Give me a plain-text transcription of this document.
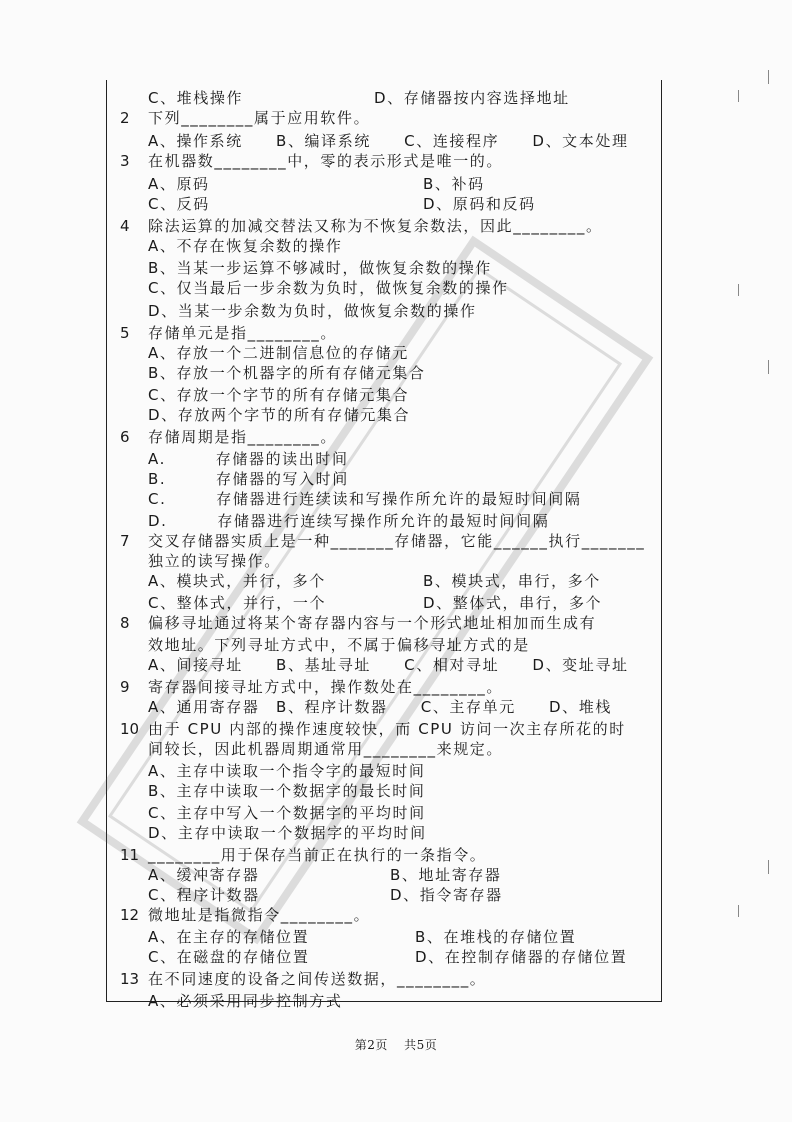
C、堆栈操作	D、存储器按内容选择地址
2 下列________属于应用软件。
A、操作系统　　B、编译系统　　C、连接程序　　D、文本处理
3 在机器数________中，零的表示形式是唯一的。
A、原码	B、补码
C、反码	D、原码和反码
4 除法运算的加减交替法又称为不恢复余数法，因此________。
A、不存在恢复余数的操作
B、当某一步运算不够减时，做恢复余数的操作
C、仅当最后一步余数为负时，做恢复余数的操作
D、当某一步余数为负时，做恢复余数的操作
5 存储单元是指________。
A、存放一个二进制信息位的存储元
B、存放一个机器字的所有存储元集合
C、存放一个字节的所有存储元集合
D、存放两个字节的所有存储元集合
6 存储周期是指________。
A.　　　存储器的读出时间
B.　　　存储器的写入时间
C.　　　存储器进行连续读和写操作所允许的最短时间间隔
D.　　　存储器进行连续写操作所允许的最短时间间隔
7 交叉存储器实质上是一种_______存储器，它能______执行_______
独立的读写操作。
A、模块式，并行，多个	B、模块式，串行，多个
C、整体式，并行，一个	D、整体式，串行，多个
8 偏移寻址通过将某个寄存器内容与一个形式地址相加而生成有
效地址。下列寻址方式中，不属于偏移寻址方式的是
A、间接寻址　　B、基址寻址　　C、相对寻址　　D、变址寻址
9 寄存器间接寻址方式中，操作数处在________。
A、通用寄存器　B、程序计数器　　C、主存单元　　D、堆栈
10 由于 CPU 内部的操作速度较快，而 CPU 访问一次主存所花的时
间较长，因此机器周期通常用________来规定。
A、主存中读取一个指令字的最短时间
B、主存中读取一个数据字的最长时间
C、主存中写入一个数据字的平均时间
D、主存中读取一个数据字的平均时间
11 ________用于保存当前正在执行的一条指令。
A、缓冲寄存器	B、地址寄存器
C、程序计数器	D、指令寄存器
12 微地址是指微指令________。
A、在主存的存储位置	B、在堆栈的存储位置
C、在磁盘的存储位置	D、在控制存储器的存储位置
13 在不同速度的设备之间传送数据，________。
A、必须采用同步控制方式
第2页 共5页
